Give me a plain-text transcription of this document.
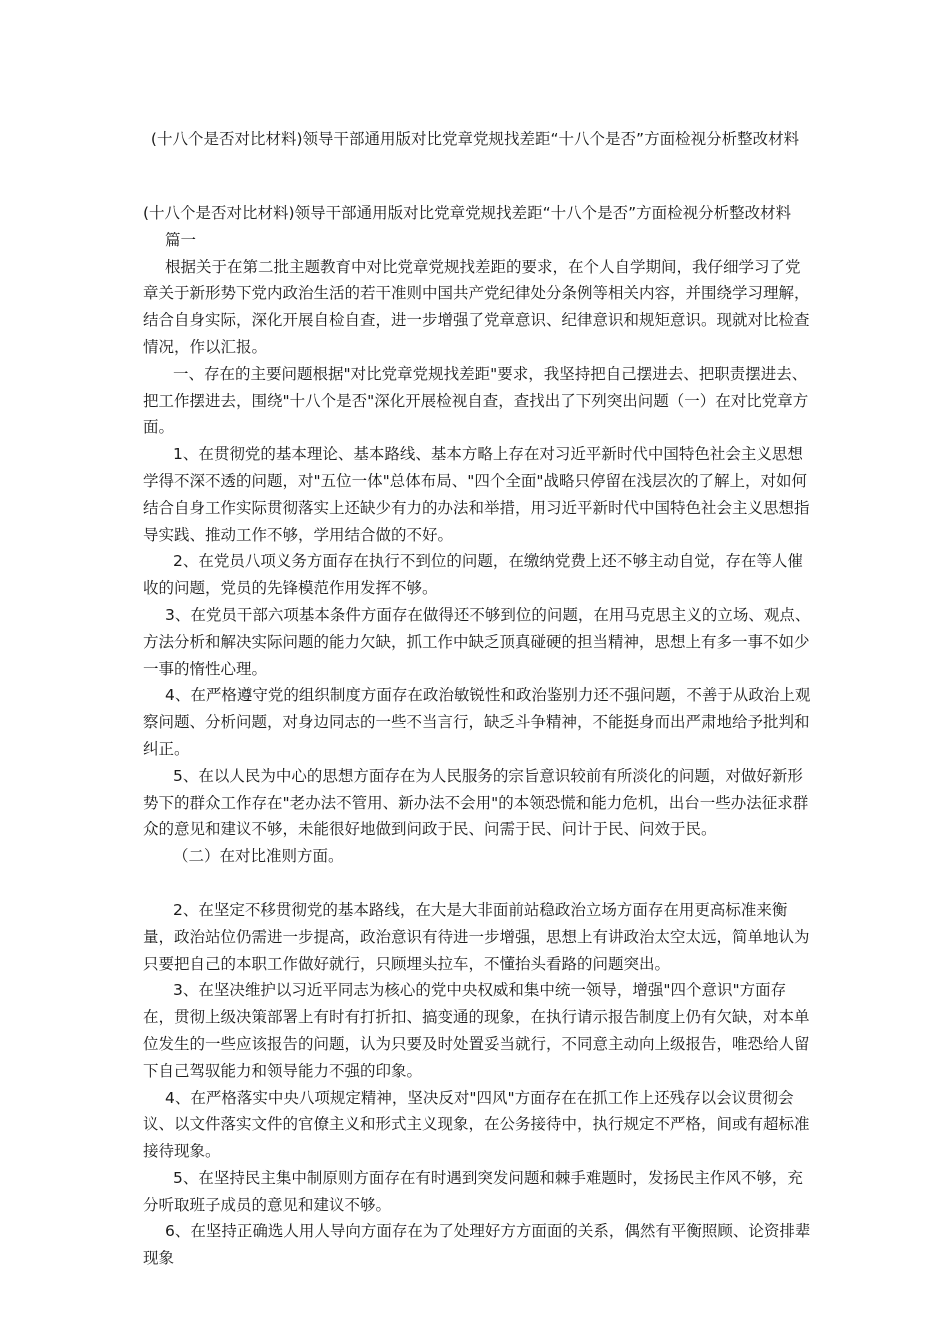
(十八个是否对比材料)领导干部通用版对比党章党规找差距“十八个是否”方面检视分析整改材料

(十八个是否对比材料)领导干部通用版对比党章党规找差距“十八个是否”方面检视分析整改材料

篇一

根据关于在第二批主题教育中对比党章党规找差距的要求，在个人自学期间，我仔细学习了党章关于新形势下党内政治生活的若干准则中国共产党纪律处分条例等相关内容，并围绕学习理解，结合自身实际，深化开展自检自查，进一步增强了党章意识、纪律意识和规矩意识。现就对比检查情况，作以汇报。

一、存在的主要问题根据"对比党章党规找差距"要求，我坚持把自己摆进去、把职责摆进去、把工作摆进去，围绕"十八个是否"深化开展检视自查，查找出了下列突出问题（一）在对比党章方面。

1、在贯彻党的基本理论、基本路线、基本方略上存在对习近平新时代中国特色社会主义思想学得不深不透的问题，对"五位一体"总体布局、"四个全面"战略只停留在浅层次的了解上，对如何结合自身工作实际贯彻落实上还缺少有力的办法和举措，用习近平新时代中国特色社会主义思想指导实践、推动工作不够，学用结合做的不好。

2、在党员八项义务方面存在执行不到位的问题，在缴纳党费上还不够主动自觉，存在等人催收的问题，党员的先锋模范作用发挥不够。

3、在党员干部六项基本条件方面存在做得还不够到位的问题，在用马克思主义的立场、观点、方法分析和解决实际问题的能力欠缺，抓工作中缺乏顶真碰硬的担当精神，思想上有多一事不如少一事的惰性心理。

4、在严格遵守党的组织制度方面存在政治敏锐性和政治鉴别力还不强问题，不善于从政治上观察问题、分析问题，对身边同志的一些不当言行，缺乏斗争精神，不能挺身而出严肃地给予批判和纠正。

5、在以人民为中心的思想方面存在为人民服务的宗旨意识较前有所淡化的问题，对做好新形势下的群众工作存在"老办法不管用、新办法不会用"的本领恐慌和能力危机，出台一些办法征求群众的意见和建议不够，未能很好地做到问政于民、问需于民、问计于民、问效于民。

（二）在对比准则方面。

2、在坚定不移贯彻党的基本路线，在大是大非面前站稳政治立场方面存在用更高标准来衡量，政治站位仍需进一步提高，政治意识有待进一步增强，思想上有讲政治太空太远，简单地认为只要把自己的本职工作做好就行，只顾埋头拉车，不懂抬头看路的问题突出。

3、在坚决维护以习近平同志为核心的党中央权威和集中统一领导，增强"四个意识"方面存在，贯彻上级决策部署上有时有打折扣、搞变通的现象，在执行请示报告制度上仍有欠缺，对本单位发生的一些应该报告的问题，认为只要及时处置妥当就行，不同意主动向上级报告，唯恐给人留下自己驾驭能力和领导能力不强的印象。

4、在严格落实中央八项规定精神，坚决反对"四风"方面存在在抓工作上还残存以会议贯彻会议、以文件落实文件的官僚主义和形式主义现象，在公务接待中，执行规定不严格，间或有超标准接待现象。

5、在坚持民主集中制原则方面存在有时遇到突发问题和棘手难题时，发扬民主作风不够，充分听取班子成员的意见和建议不够。

6、在坚持正确选人用人导向方面存在为了处理好方方面面的关系，偶然有平衡照顾、论资排辈现象
